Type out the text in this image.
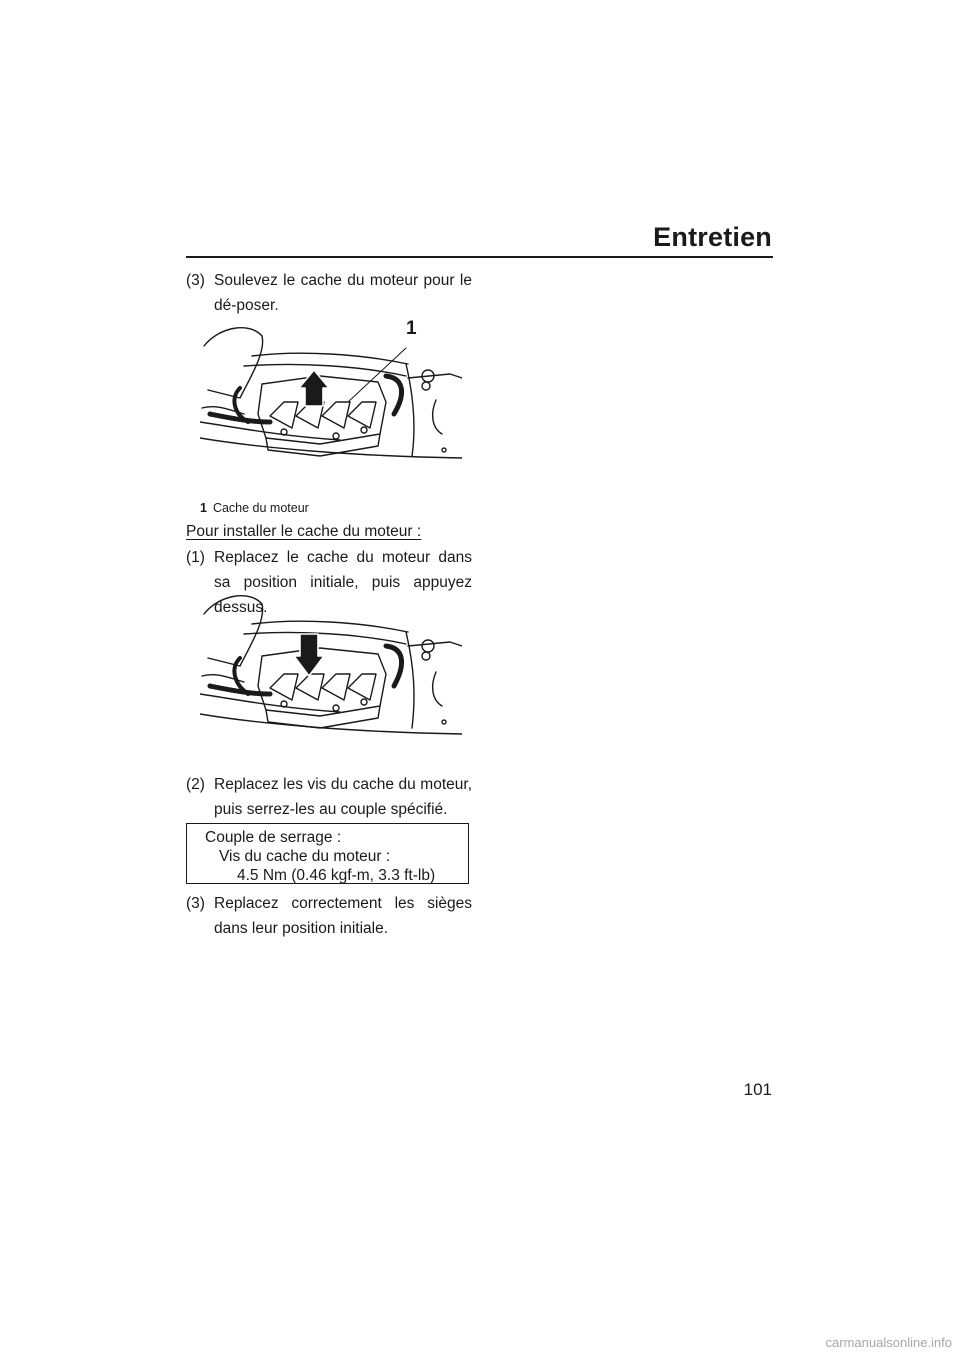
Entretien
(3) Soulevez le cache du moteur pour le dé-poser.
1
1 Cache du moteur
Pour installer le cache du moteur :
(1) Replacez le cache du moteur dans sa position initiale, puis appuyez dessus.
(2) Replacez les vis du cache du moteur, puis serrez-les au couple spécifié.
Couple de serrage :
Vis du cache du moteur :
4.5 Nm (0.46 kgf-m, 3.3 ft-lb)
(3) Replacez correctement les sièges dans leur position initiale.
101
carmanualsonline.info
